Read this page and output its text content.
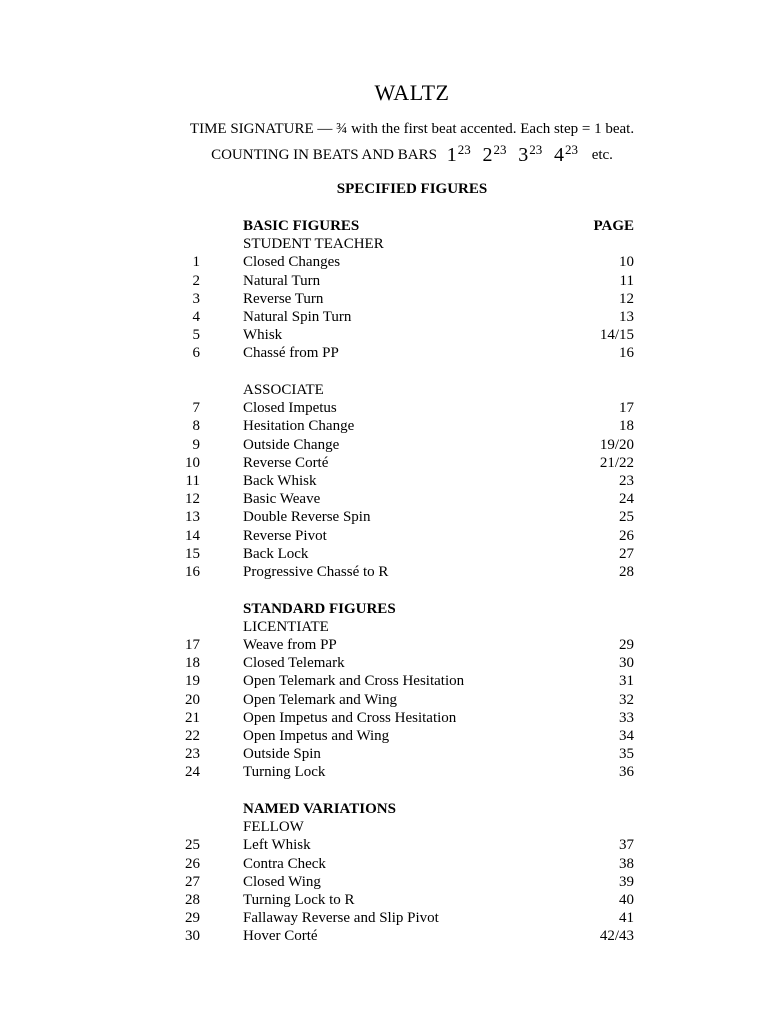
WALTZ
TIME SIGNATURE — ¾ with the first beat accented. Each step = 1 beat.
COUNTING IN BEATS AND BARS 123 223 323 423 etc.
SPECIFIED FIGURES
BASIC FIGURES	PAGE
STUDENT TEACHER
1	Closed Changes	10
2	Natural Turn	11
3	Reverse Turn	12
4	Natural Spin Turn	13
5	Whisk	14/15
6	Chassé from PP	16
ASSOCIATE
7	Closed Impetus	17
8	Hesitation Change	18
9	Outside Change	19/20
10	Reverse Corté	21/22
11	Back Whisk	23
12	Basic Weave	24
13	Double Reverse Spin	25
14	Reverse Pivot	26
15	Back Lock	27
16	Progressive Chassé to R	28
STANDARD FIGURES
LICENTIATE
17	Weave from PP	29
18	Closed Telemark	30
19	Open Telemark and Cross Hesitation	31
20	Open Telemark and Wing	32
21	Open Impetus and Cross Hesitation	33
22	Open Impetus and Wing	34
23	Outside Spin	35
24	Turning Lock	36
NAMED VARIATIONS
FELLOW
25	Left Whisk	37
26	Contra Check	38
27	Closed Wing	39
28	Turning Lock to R	40
29	Fallaway Reverse and Slip Pivot	41
30	Hover Corté	42/43
